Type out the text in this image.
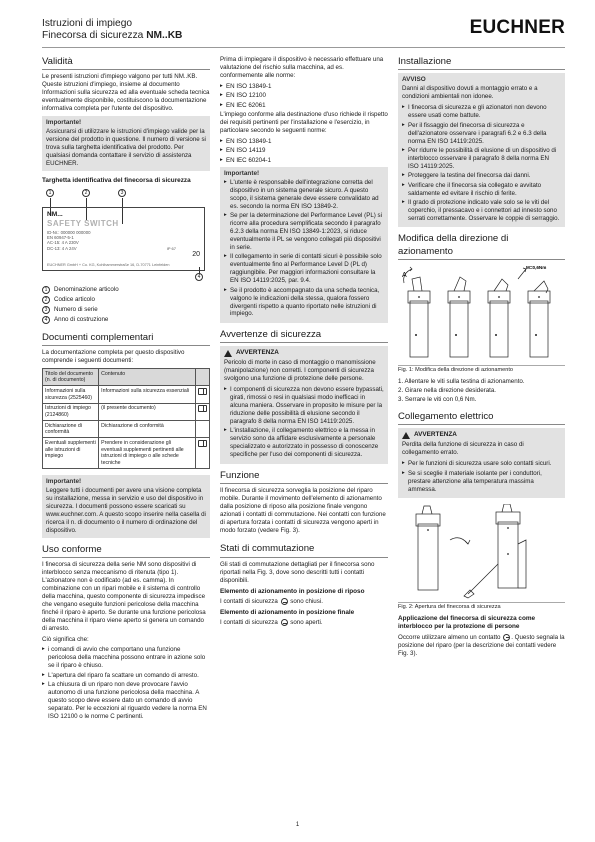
Istruzioni di impiego
Finecorsa di sicurezza NM..KB	EUCHNER
Validità

Le presenti istruzioni d'impiego valgono per tutti NM..KB. Queste istruzioni d'impiego, insieme al documento Informazioni sulla sicurezza ed alla eventuale scheda tecnica eventualmente disponibile, costituiscono la documentazione informativa completa per l'utente del dispositivo.

Importante!
Assicurarsi di utilizzare le istruzioni d'impiego valide per la versione del prodotto in questione. Il numero di versione si trova sulla targhetta identificativa del prodotto. Per qualsiasi domanda contattare il servizio di assistenza EUCHNER.
Targhetta identificativa del finecorsa di sicurezza
1	2	3
NM...
SAFETY SWITCH
ID-Nr.: 000000 000000
EN 60947-5-1
AC-15: 4 A 230V
DC-13: 4 A 24V	IP 67
20
EUCHNER GmbH + Co. KG, Kohlhammerstraße 16, D-70771 Leinfelden
4
1	Denominazione articolo
2	Codice articolo
3	Numero di serie
4	Anno di costruzione
Documenti complementari

La documentazione completa per questo dispositivo comprende i seguenti documenti:

Titolo del documento (n. di documento)	Contenuto	
Informazioni sulla sicurezza (2525460)	Informazioni sulla sicurezza essenziali	
Istruzioni di impiego (2124860)	(il presente documento)	
Dichiarazione di conformità	Dichiarazione di conformità	
Eventuali supplementi alle istruzioni di impiego	Prendere in considerazione gli eventuali supplementi pertinenti alle istruzioni di impiego o alle schede tecniche	
Importante!
Leggere tutti i documenti per avere una visione completa su installazione, messa in servizio e uso del dispositivo in sicurezza. I documenti possono essere scaricati su www.euchner.com. A questo scopo inserire nella casella di ricerca il n. di documento o il numero di ordinazione del dispositivo.
Uso conforme

I finecorsa di sicurezza della serie NM sono dispositivi di interblocco senza meccanismo di ritenuta (tipo 1). L'azionatore non è codificato (ad es. camma). In combinazione con un ripari mobile e il sistema di controllo della macchina, questo componente di sicurezza impedisce che vengano eseguite funzioni pericolose della macchina finché il riparo è aperto. Se durante una funzione pericolosa della macchina il riparo viene aperto si genera un comando di arresto.

Ciò significa che:

▸ i comandi di avvio che comportano una funzione pericolosa della macchina possono entrare in azione solo se il riparo è chiuso.
▸ L'apertura del riparo fa scattare un comando di arresto.
▸ La chiusura di un riparo non deve provocare l'avvio autonomo di una funzione pericolosa della macchina. A questo scopo deve essere dato un comando di avvio separato. Per le eccezioni al riguardo vedere la norma EN ISO 12100 o le norme C pertinenti.

Prima di impiegare il dispositivo è necessario effettuare una valutazione del rischio sulla macchina, ad es. conformemente alle norme:

▸ EN ISO 13849-1
▸ EN ISO 12100
▸ EN IEC 62061

L'impiego conforme alla destinazione d'uso richiede il rispetto dei requisiti pertinenti per l'installazione e l'esercizio, in particolare secondo le seguenti norme:

▸ EN ISO 13849-1
▸ EN ISO 14119
▸ EN IEC 60204-1
Importante!
▸ L'utente è responsabile dell'integrazione corretta del dispositivo in un sistema generale sicuro. A questo scopo, il sistema generale deve essere convalidato ad es. secondo la norma EN ISO 13849-2.
▸ Se per la determinazione del Performance Level (PL) si ricorre alla procedura semplificata secondo il paragrafo 6.2.3 della norma EN ISO 13849-1:2023, si riduce eventualmente il PL se vengono collegati più dispositivi in serie.
▸ Il collegamento in serie di contatti sicuri è possibile solo eventualmente fino al Performance Level D (PL d) raggiungibile. Per maggiori informazioni consultare la EN ISO 14119:2025, par. 9.4.
▸ Se il prodotto è accompagnato da una scheda tecnica, valgono le indicazioni della stessa, qualora fossero divergenti rispetto a quanto riportato nelle istruzioni di impiego.
Avvertenze di sicurezza
AVVERTENZA

Pericolo di morte in caso di montaggio o manomissione (manipolazione) non corretti. I componenti di sicurezza svolgono una funzione di protezione delle persone.

▸ I componenti di sicurezza non devono essere bypassati, girati, rimossi o resi in qualsiasi modo inefficaci in alcuna maniera. Osservare in proposito le misure per la riduzione delle possibilità di elusione secondo il paragrafo 8 della norma EN ISO 14119:2025.
▸ L'installazione, il collegamento elettrico e la messa in servizio sono da affidare esclusivamente a personale specializzato e autorizzato in possesso di conoscenze specifiche per l'uso dei componenti di sicurezza.
Funzione

Il finecorsa di sicurezza sorveglia la posizione del riparo mobile. Durante il movimento dell'elemento di azionamento dalla posizione di riposo alla posizione finale vengono azionati i contatti di commutazione. Nei contatti con funzione di apertura forzata i contatti di sicurezza vengono aperti in modo forzato (vedere Fig. 3).

Stati di commutazione

Gli stati di commutazione dettagliati per il finecorsa sono riportati nella Fig. 3, dove sono descritti tutti i contatti disponibili.

Elemento di azionamento in posizione di riposo

I contatti di sicurezza sono chiusi.

Elemento di azionamento in posizione finale

I contatti di sicurezza sono aperti.

Installazione
AVVISO

Danni al dispositivo dovuti a montaggio errato e a condizioni ambientali non idonee.

▸ I finecorsa di sicurezza e gli azionatori non devono essere usati come battute.
▸ Per il fissaggio del finecorsa di sicurezza e dell'azionatore osservare i paragrafi 6.2 e 6.3 della norma EN ISO 14119:2025.
▸ Per ridurre le possibilità di elusione di un dispositivo di interblocco osservare il paragrafo 8 della norma EN ISO 14119:2025.
▸ Proteggere la testina del finecorsa dai danni.
▸ Verificare che il finecorsa sia collegato e avvitato saldamente ed evitare il rischio di ferite.
▸ Il grado di protezione indicato vale solo se le viti del coperchio, il pressacavo e i connettori ad innesto sono serrati correttamente. Osservare le coppie di serraggio.
Modifica della direzione di azionamento
A
M=0,6Nm
Fig. 1: Modifica della direzione di azionamento
1. Allentare le viti sulla testina di azionamento.
2. Girare nella direzione desiderata.
3. Serrare le viti con 0,6 Nm.
Collegamento elettrico
AVVERTENZA

Perdita della funzione di sicurezza in caso di collegamento errato.

▸ Per le funzioni di sicurezza usare solo contatti sicuri.
▸ Se si sceglie il materiale isolante per i conduttori, prestare attenzione alla temperatura massima ammessa.
Fig. 2: Apertura del finecorsa di sicurezza
Applicazione del finecorsa di sicurezza come interblocco per la protezione di persone

Occorre utilizzare almeno un contatto . Questo segnala la posizione del riparo (per la descrizione dei contatti vedere Fig. 3).

1
